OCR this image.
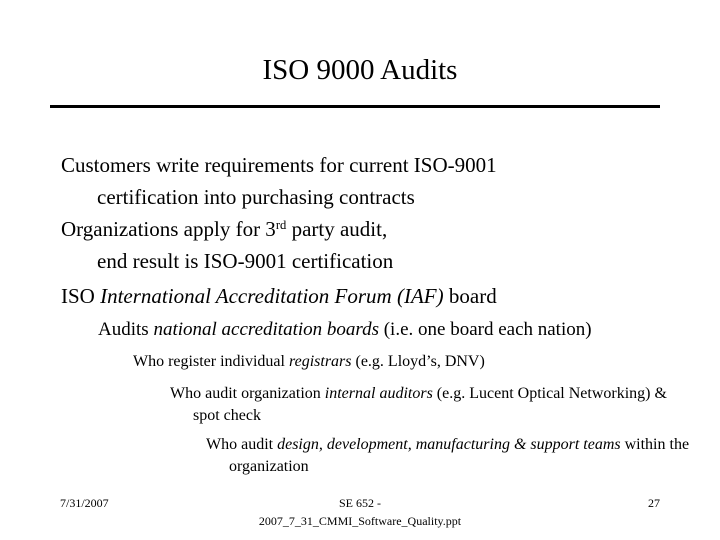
ISO 9000 Audits

Customers write requirements for current ISO-9001
certification into purchasing contracts

Organizations apply for 3rd party audit,
end result is ISO-9001 certification

ISO International Accreditation Forum (IAF) board

Audits national accreditation boards (i.e. one board each nation)

Who register individual registrars (e.g. Lloyd’s, DNV)

Who audit organization internal auditors (e.g. Lucent Optical Networking) & spot check

Who audit design, development, manufacturing & support teams within the organization

7/31/2007	SE 652 -
2007_7_31_CMMI_Software_Quality.ppt
27
